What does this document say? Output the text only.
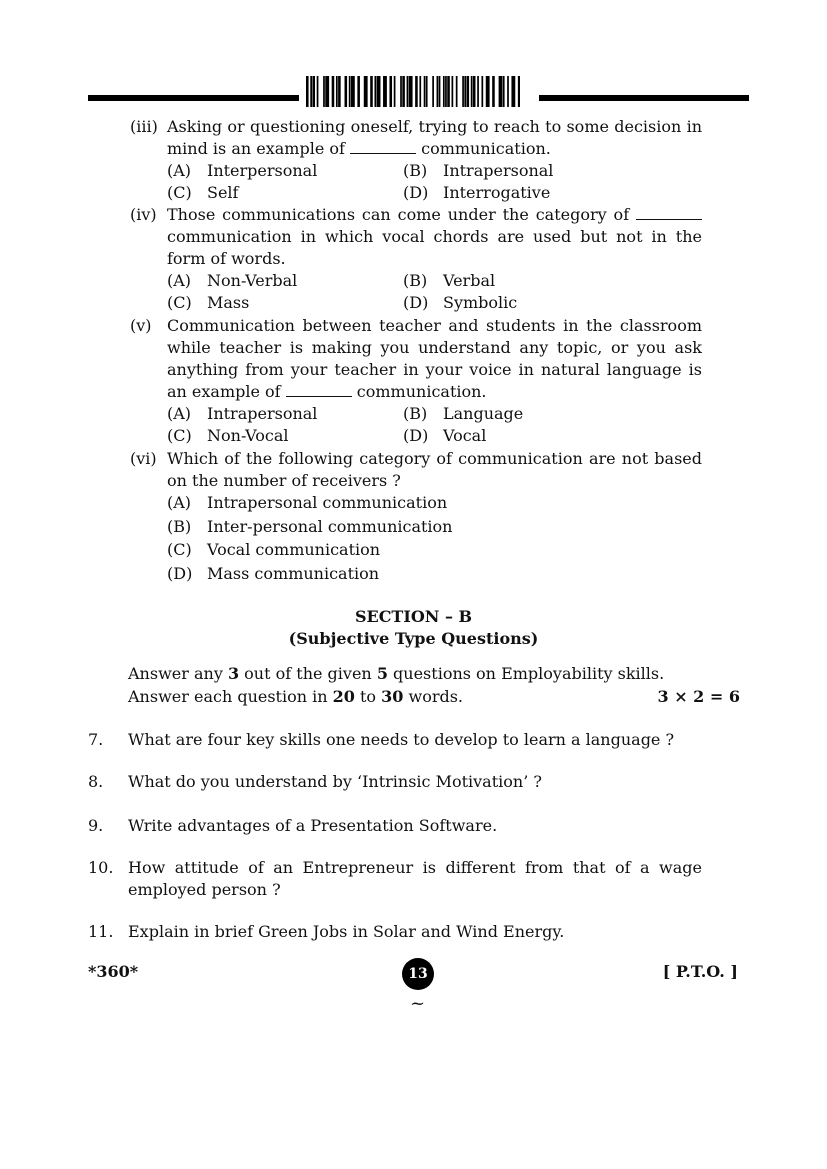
(iii) Asking or questioning oneself, trying to reach to some decision in mind is an example of	communication.
(A) Interpersonal	(B) Intrapersonal
(C) Self	(D) Interrogative
(iv) Those communications can come under the category of  communication in which vocal chords are used but not in the form of words.
(A) Non-Verbal	(B) Verbal
(C) Mass	(D) Symbolic
(v) Communication between teacher and students in the classroom while teacher is making you understand any topic, or you ask anything from your teacher in your voice in natural language is an example of	communication.
(A) Intrapersonal	(B) Language
(C) Non-Vocal	(D) Vocal
(vi) Which of the following category of communication are not based on the number of receivers ?
(A) Intrapersonal communication
(B) Inter-personal communication
(C) Vocal communication
(D) Mass communication
SECTION – B
(Subjective Type Questions)
Answer any 3 out of the given 5 questions on Employability skills.
Answer each question in 20 to 30 words.	3 × 2 = 6
7. What are four key skills one needs to develop to learn a language ?
8. What do you understand by ‘Intrinsic Motivation’ ?
9. Write advantages of a Presentation Software.
10. How attitude of an Entrepreneur is different from that of a wage employed person ?
11. Explain in brief Green Jobs in Solar and Wind Energy.
*360*	13	[ P.T.O. ]
~
